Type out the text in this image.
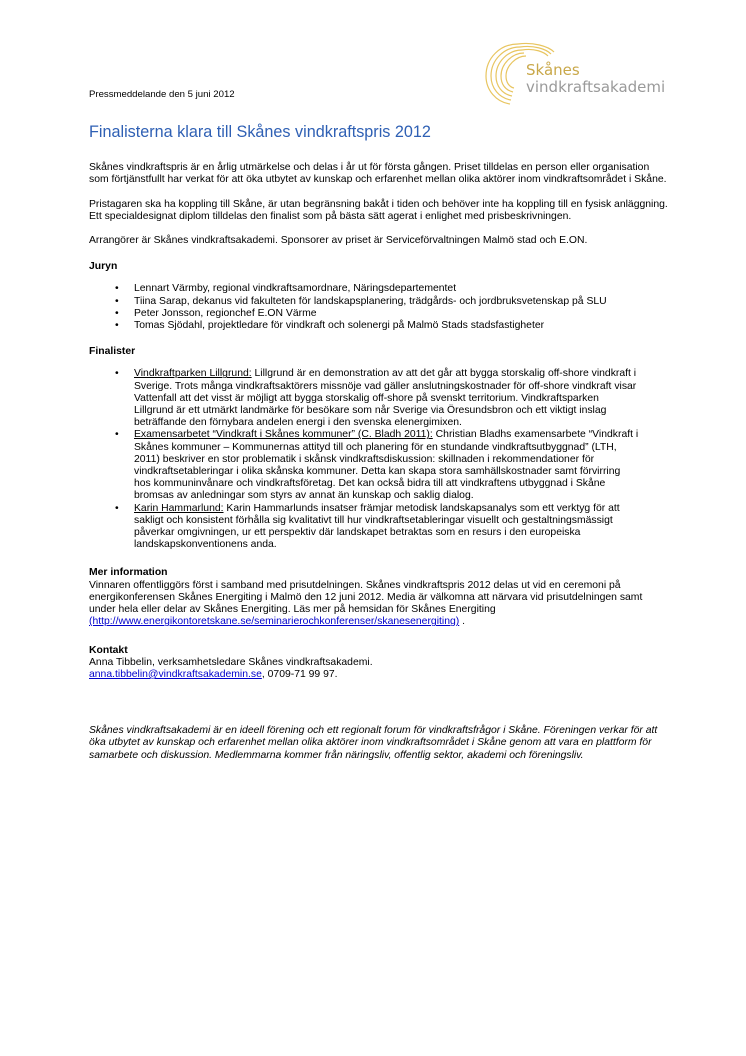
Skånes
vindkraftsakademi
Pressmeddelande den 5 juni 2012
Finalisterna klara till Skånes vindkraftspris 2012

Skånes vindkraftspris är en årlig utmärkelse och delas i år ut för första gången. Priset tilldelas en person eller organisation som förtjänstfullt har verkat för att öka utbytet av kunskap och erfarenhet mellan olika aktörer inom vindkraftsområdet i Skåne.

Pristagaren ska ha koppling till Skåne, är utan begränsning bakåt i tiden och behöver inte ha koppling till en fysisk anläggning. Ett specialdesignat diplom tilldelas den finalist som på bästa sätt agerat i enlighet med prisbeskrivningen.

Arrangörer är Skånes vindkraftsakademi. Sponsorer av priset är Serviceförvaltningen Malmö stad och E.ON.

Juryn
• Lennart Värmby, regional vindkraftsamordnare, Näringsdepartementet
• Tiina Sarap, dekanus vid fakulteten för landskapsplanering, trädgårds- och jordbruksvetenskap på SLU
• Peter Jonsson, regionchef E.ON Värme
• Tomas Sjödahl, projektledare för vindkraft och solenergi på Malmö Stads stadsfastigheter
Finalister
• Vindkraftparken Lillgrund: Lillgrund är en demonstration av att det går att bygga storskalig off-shore vindkraft i Sverige. Trots många vindkraftsaktörers missnöje vad gäller anslutningskostnader för off-shore vindkraft visar Vattenfall att det visst är möjligt att bygga storskalig off-shore på svenskt territorium. Vindkraftsparken Lillgrund är ett utmärkt landmärke för besökare som når Sverige via Öresundsbron och ett viktigt inslag beträffande den förnybara andelen energi i den svenska elenergimixen.
• Examensarbetet “Vindkraft i Skånes kommuner” (C. Bladh 2011): Christian Bladhs examensarbete “Vindkraft i Skånes kommuner – Kommunernas attityd till och planering för en stundande vindkraftsutbyggnad” (LTH, 2011) beskriver en stor problematik i skånsk vindkraftsdiskussion: skillnaden i rekommendationer för vindkraftsetableringar i olika skånska kommuner. Detta kan skapa stora samhällskostnader samt förvirring hos kommuninvånare och vindkraftsföretag. Det kan också bidra till att vindkraftens utbyggnad i Skåne bromsas av anledningar som styrs av annat än kunskap och saklig dialog.
• Karin Hammarlund: Karin Hammarlunds insatser främjar metodisk landskapsanalys som ett verktyg för att sakligt och konsistent förhålla sig kvalitativt till hur vindkraftsetableringar visuellt och gestaltningsmässigt påverkar omgivningen, ur ett perspektiv där landskapet betraktas som en resurs i den europeiska landskapskonventionens anda.
Mer information
Vinnaren offentliggörs först i samband med prisutdelningen. Skånes vindkraftspris 2012 delas ut vid en ceremoni på energikonferensen Skånes Energiting i Malmö den 12 juni 2012. Media är välkomna att närvara vid prisutdelningen samt under hela eller delar av Skånes Energiting. Läs mer på hemsidan för Skånes Energiting (http://www.energikontoretskane.se/seminarierochkonferenser/skanesenergiting) .
Kontakt
Anna Tibbelin, verksamhetsledare Skånes vindkraftsakademi.
anna.tibbelin@vindkraftsakademin.se, 0709-71 99 97.
Skånes vindkraftsakademi är en ideell förening och ett regionalt forum för vindkraftsfrågor i Skåne. Föreningen verkar för att öka utbytet av kunskap och erfarenhet mellan olika aktörer inom vindkraftsområdet i Skåne genom att vara en plattform för samarbete och diskussion. Medlemmarna kommer från näringsliv, offentlig sektor, akademi och föreningsliv.
